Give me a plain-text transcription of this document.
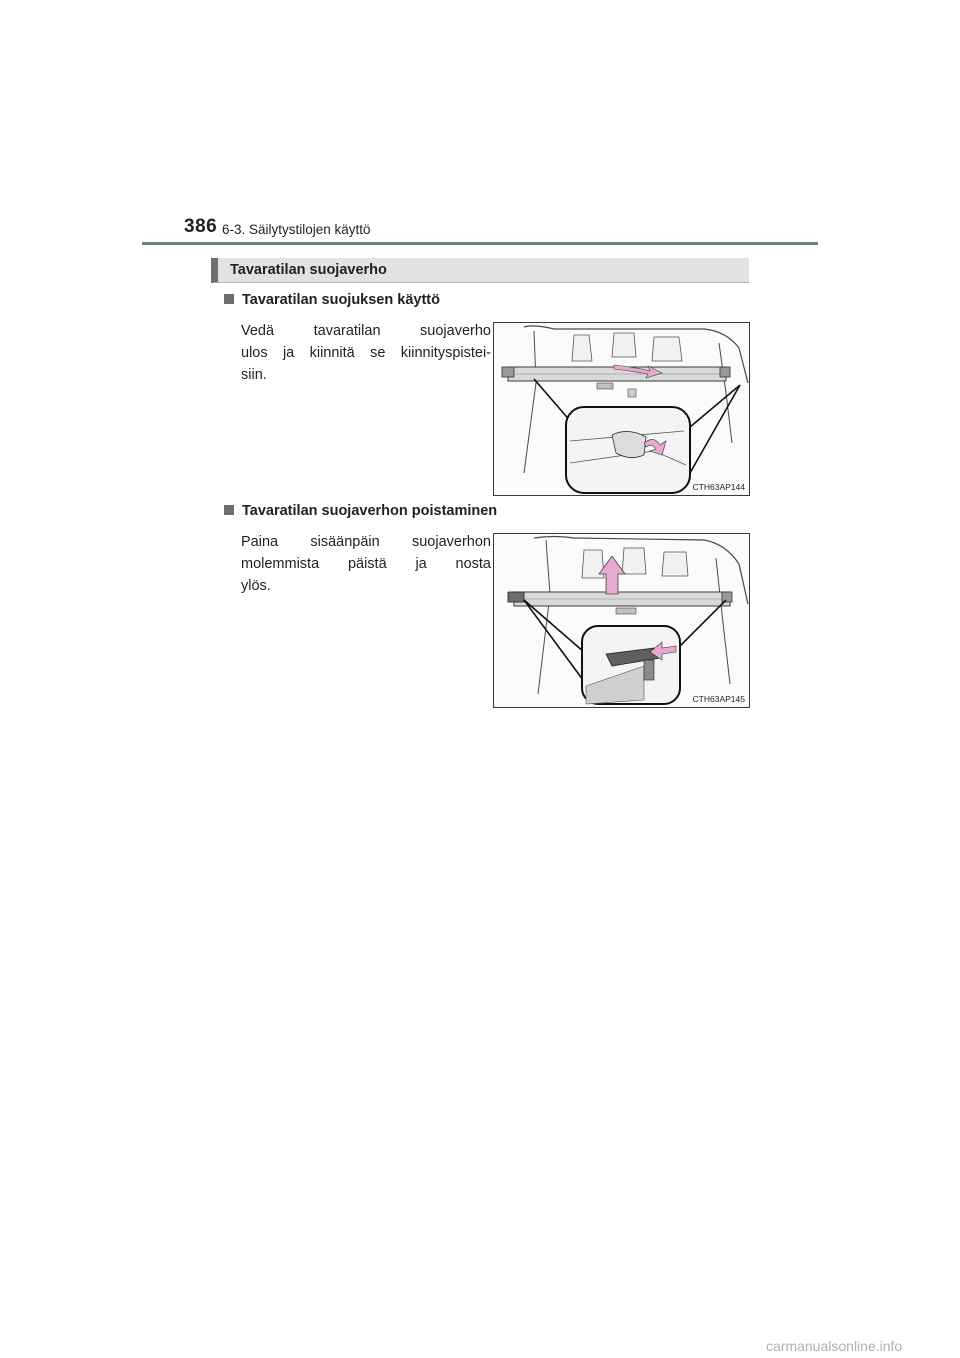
386 6-3. Säilytystilojen käyttö
Tavaratilan suojaverho
Tavaratilan suojuksen käyttö
Vedä tavaratilan suojaverho
ulos ja kiinnitä se kiinnityspistei-
siin.
CTH63AP144
Tavaratilan suojaverhon poistaminen
Paina sisäänpäin suojaverhon
molemmista päistä ja nosta
ylös.
CTH63AP145
carmanualsonline.info
